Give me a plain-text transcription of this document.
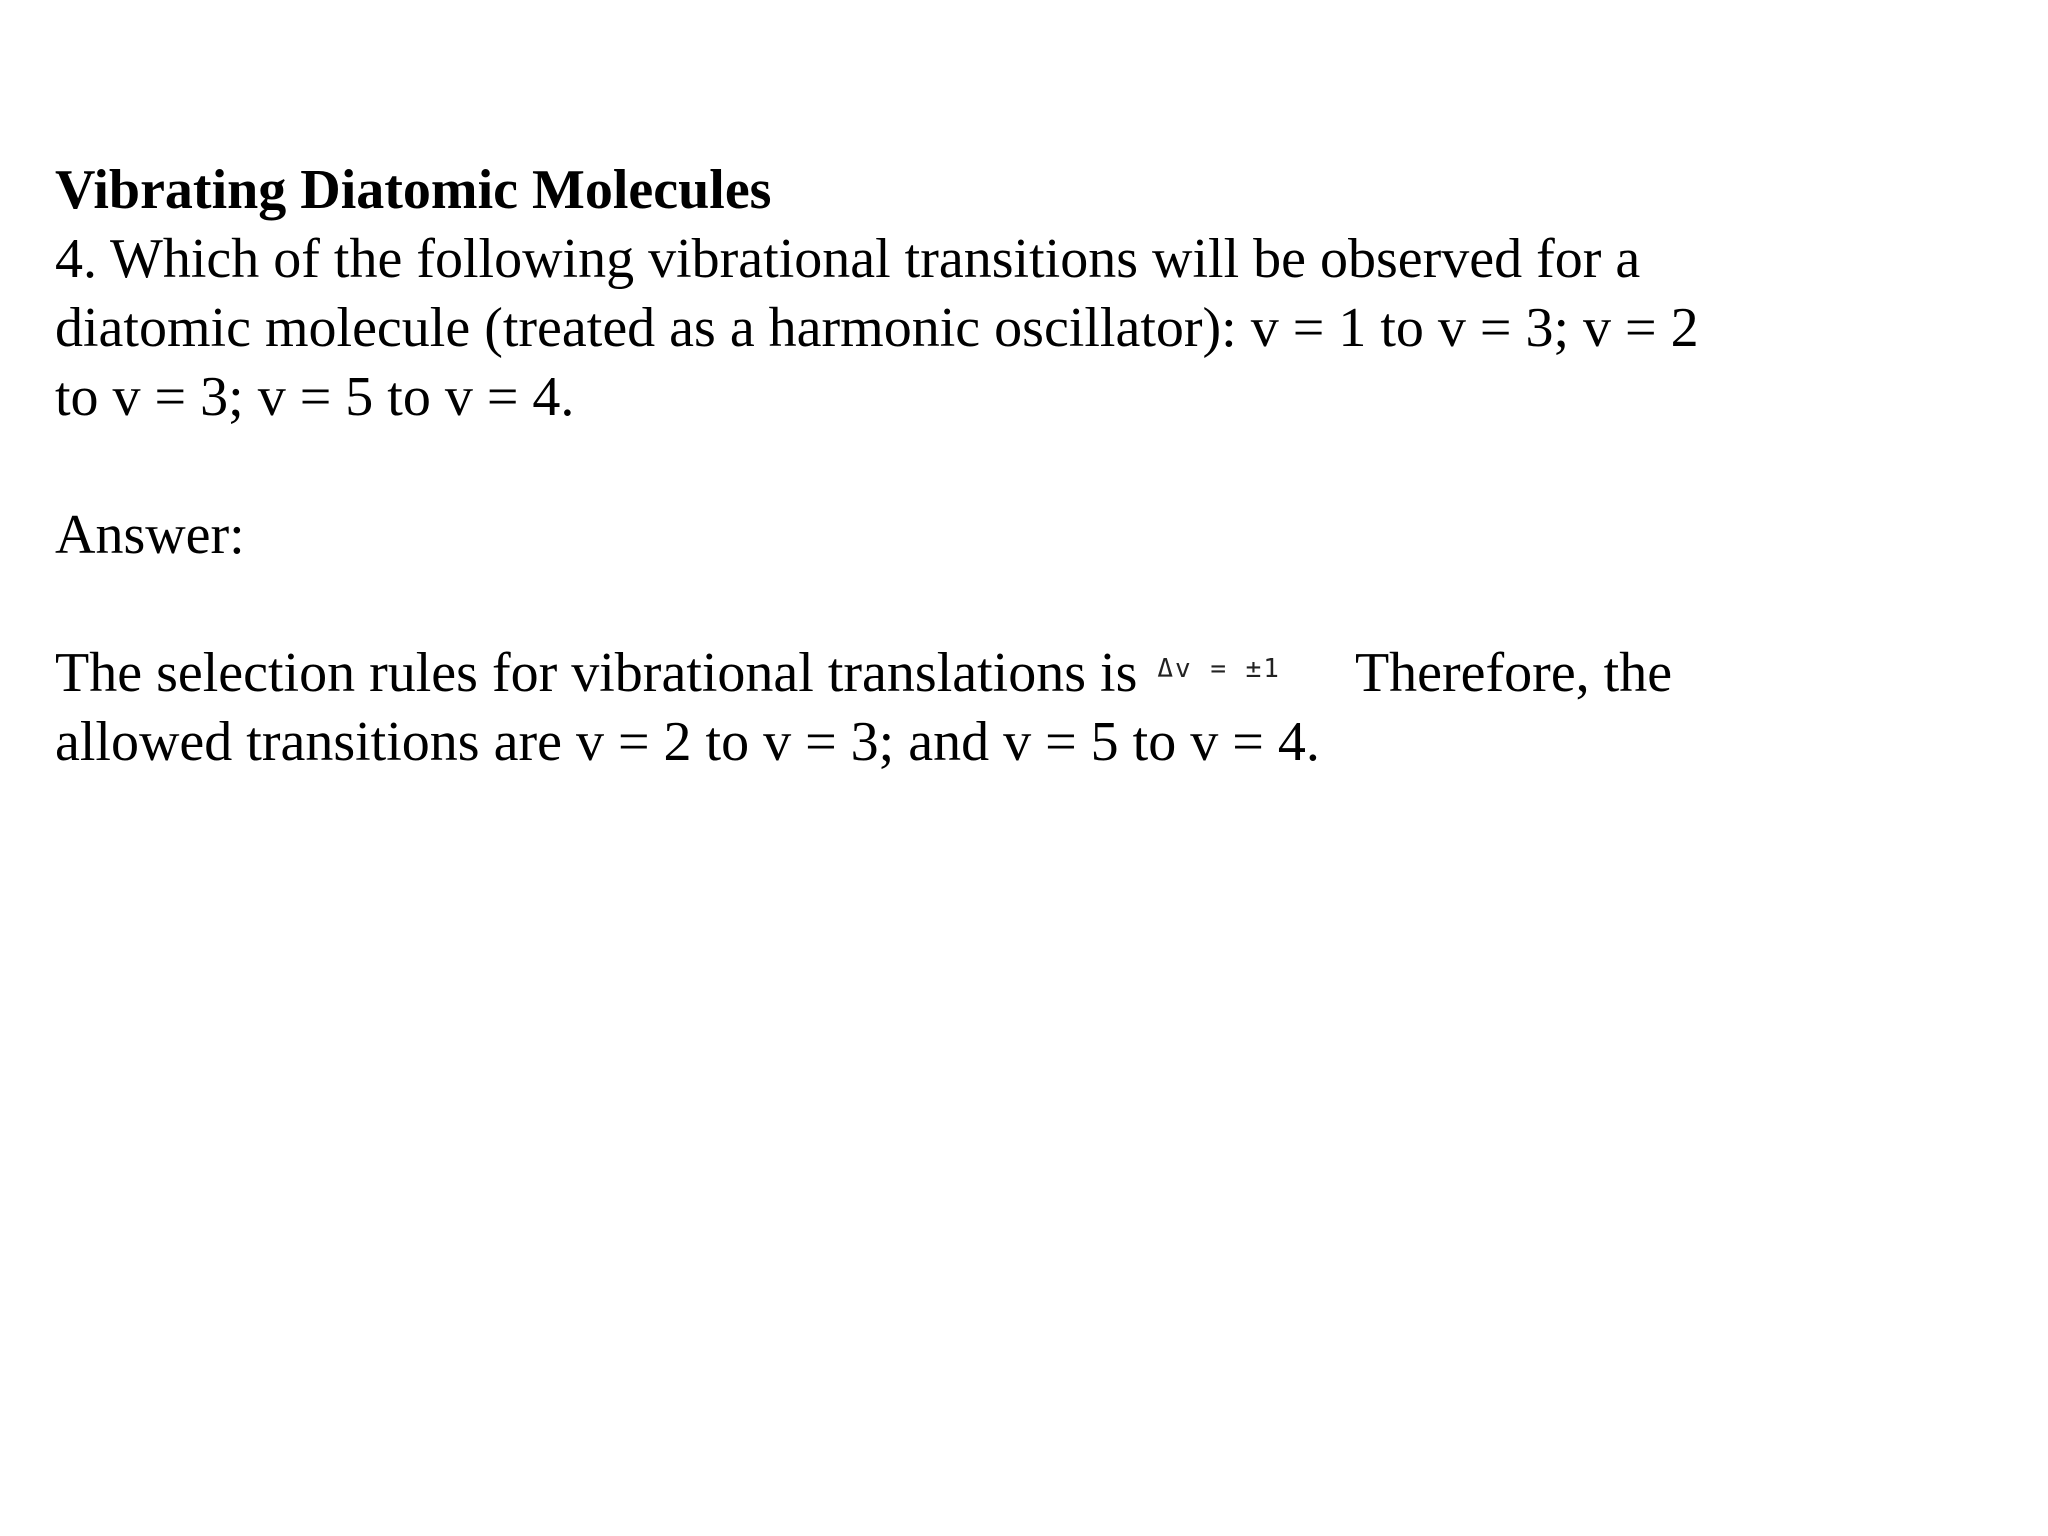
Vibrating Diatomic Molecules

4. Which of the following vibrational transitions will be observed for a diatomic molecule (treated as a harmonic oscillator): v = 1 to v = 3; v = 2 to v = 3; v = 5 to v = 4.

Answer:

The selection rules for vibrational translations is Δv = ±1 Therefore, the allowed transitions are v = 2 to v = 3; and v = 5 to v = 4.
